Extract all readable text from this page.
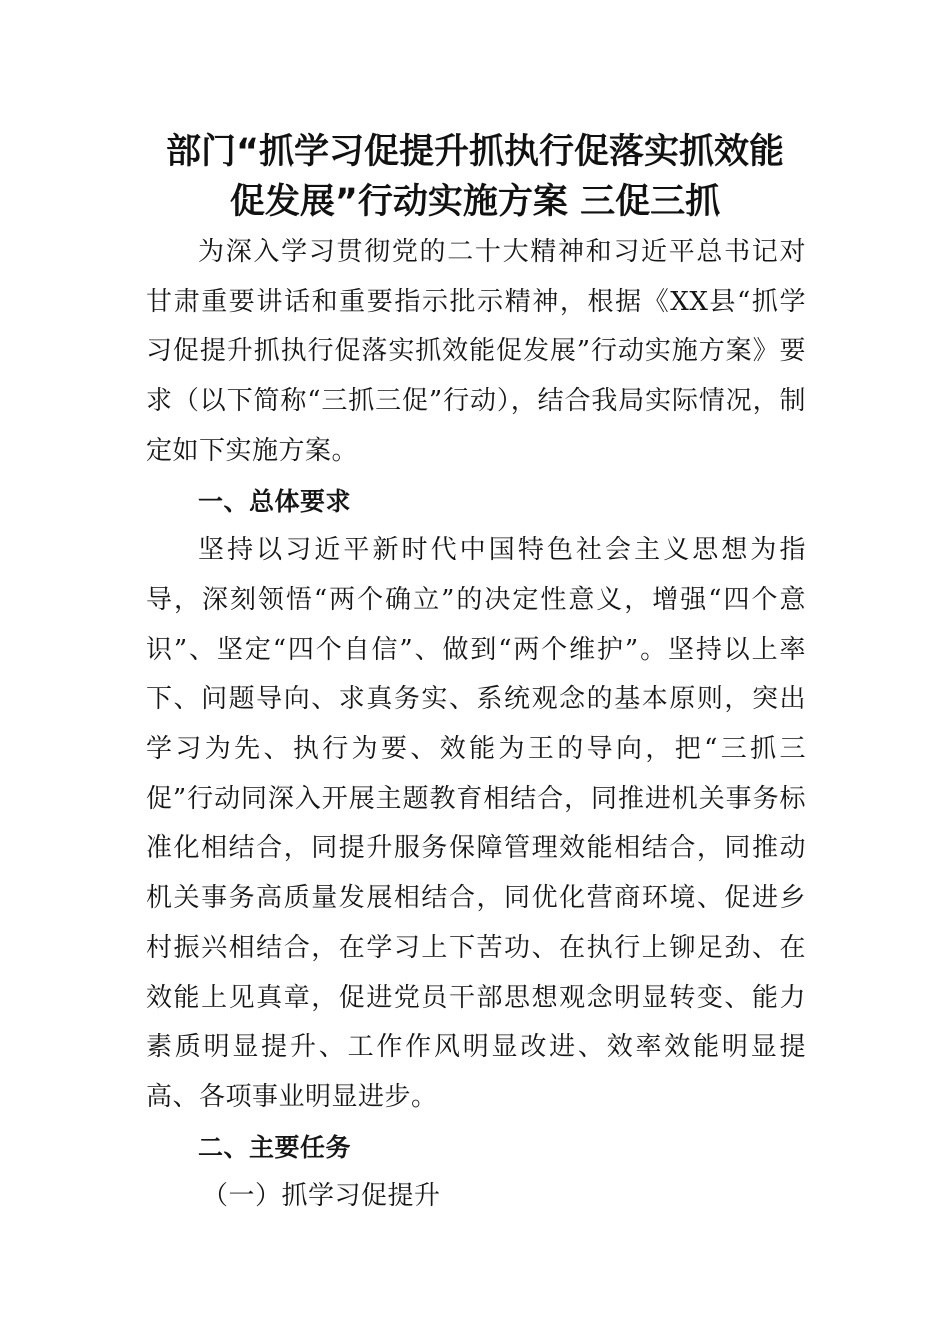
部门“抓学习促提升抓执行促落实抓效能
促发展”行动实施方案 三促三抓

为深入学习贯彻党的二十大精神和习近平总书记对甘肃重要讲话和重要指示批示精神，根据《XX县“抓学习促提升抓执行促落实抓效能促发展”行动实施方案》要求（以下简称“三抓三促”行动），结合我局实际情况，制定如下实施方案。

一、总体要求

坚持以习近平新时代中国特色社会主义思想为指导，深刻领悟“两个确立”的决定性意义，增强“四个意识”、坚定“四个自信”、做到“两个维护”。坚持以上率下、问题导向、求真务实、系统观念的基本原则，突出学习为先、执行为要、效能为王的导向，把“三抓三促”行动同深入开展主题教育相结合，同推进机关事务标准化相结合，同提升服务保障管理效能相结合，同推动机关事务高质量发展相结合，同优化营商环境、促进乡村振兴相结合，在学习上下苦功、在执行上铆足劲、在效能上见真章，促进党员干部思想观念明显转变、能力素质明显提升、工作作风明显改进、效率效能明显提高、各项事业明显进步。

二、主要任务

（一）抓学习促提升
